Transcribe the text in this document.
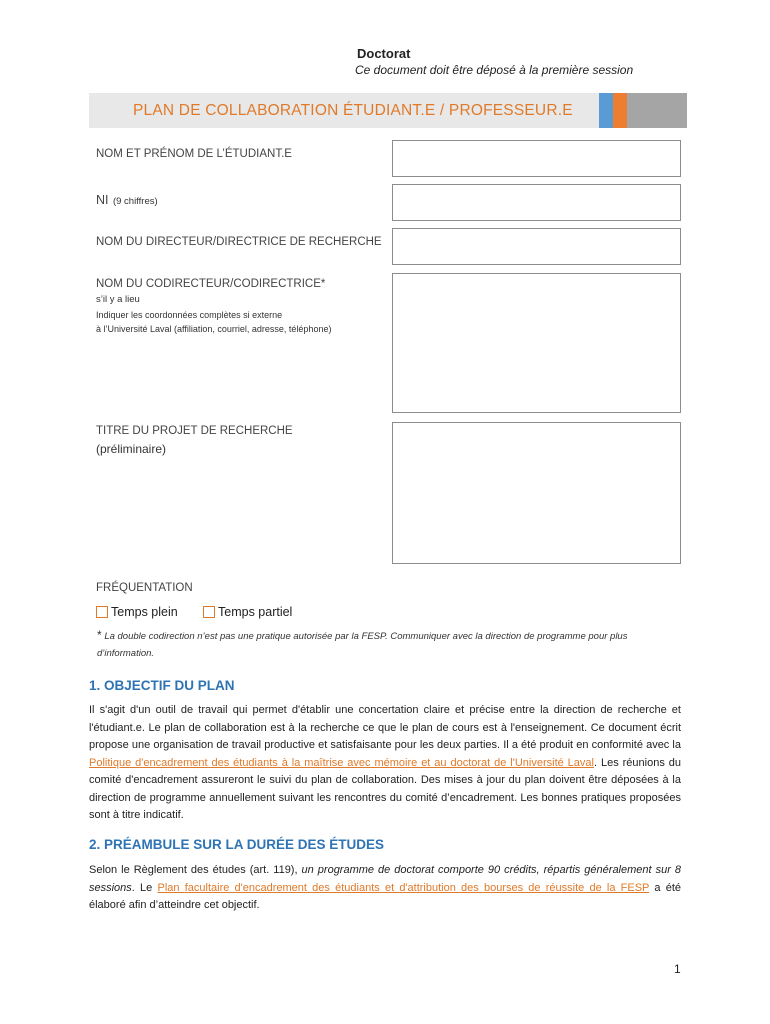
Doctorat
Ce document doit être déposé à la première session
PLAN DE COLLABORATION ÉTUDIANT.E / PROFESSEUR.E
NOM ET PRÉNOM DE L’ÉTUDIANT.E
NI (9 chiffres)
NOM DU DIRECTEUR/DIRECTRICE DE RECHERCHE
NOM DU CODIRECTEUR/CODIRECTRICE*
s’il y a lieu
Indiquer les coordonnées complètes si externe
à l’Université Laval (affiliation, courriel, adresse, téléphone)
TITRE DU PROJET DE RECHERCHE
(préliminaire)
FRÉQUENTATION
Temps plein	Temps partiel
* La double codirection n’est pas une pratique autorisée par la FESP. Communiquer avec la direction de programme pour plus
d’information.
1. OBJECTIF DU PLAN
Il s'agit d'un outil de travail qui permet d'établir une concertation claire et précise entre la direction de recherche et l'étudiant.e. Le plan de collaboration est à la recherche ce que le plan de cours est à l'enseignement. Ce document écrit propose une organisation de travail productive et satisfaisante pour les deux parties. Il a été produit en conformité avec la Politique d'encadrement des étudiants à la maîtrise avec mémoire et au doctorat de l'Université Laval. Les réunions du comité d'encadrement assureront le suivi du plan de collaboration. Des mises à jour du plan doivent être déposées à la direction de programme annuellement suivant les rencontres du comité d’encadrement. Les bonnes pratiques proposées sont à titre indicatif.
2. PRÉAMBULE SUR LA DURÉE DES ÉTUDES
Selon le Règlement des études (art. 119), un programme de doctorat comporte 90 crédits, répartis généralement sur 8 sessions. Le Plan facultaire d'encadrement des étudiants et d'attribution des bourses de réussite de la FESP a été élaboré afin d’atteindre cet objectif.
1
